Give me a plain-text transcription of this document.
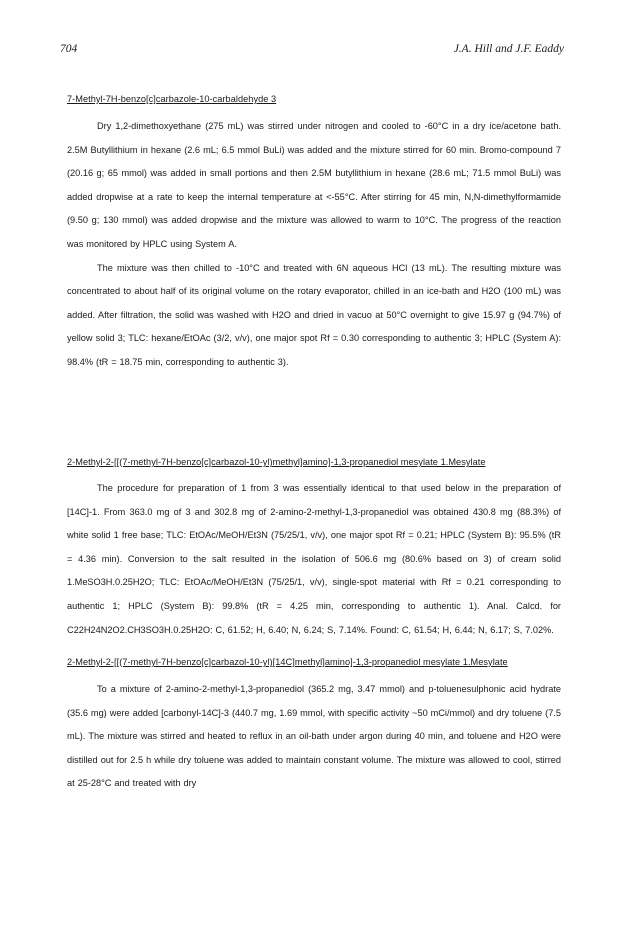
704	J.A. Hill and J.F. Eaddy
7-Methyl-7H-benzo[c]carbazole-10-carbaldehyde 3

Dry 1,2-dimethoxyethane (275 mL) was stirred under nitrogen and cooled to -60°C in a dry ice/acetone bath. 2.5M Butyllithium in hexane (2.6 mL; 6.5 mmol BuLi) was added and the mixture stirred for 60 min. Bromo-compound 7 (20.16 g; 65 mmol) was added in small portions and then 2.5M butyllithium in hexane (28.6 mL; 71.5 mmol BuLi) was added dropwise at a rate to keep the internal temperature at <-55°C. After stirring for 45 min, N,N-dimethylformamide (9.50 g; 130 mmol) was added dropwise and the mixture was allowed to warm to 10°C. The progress of the reaction was monitored by HPLC using System A.

The mixture was then chilled to -10°C and treated with 6N aqueous HCl (13 mL). The resulting mixture was concentrated to about half of its original volume on the rotary evaporator, chilled in an ice-bath and H2O (100 mL) was added. After filtration, the solid was washed with H2O and dried in vacuo at 50°C overnight to give 15.97 g (94.7%) of yellow solid 3; TLC: hexane/EtOAc (3/2, v/v), one major spot Rf = 0.30 corresponding to authentic 3; HPLC (System A): 98.4% (tR = 18.75 min, corresponding to authentic 3).

2-Methyl-2-[[(7-methyl-7H-benzo[c]carbazol-10-yl)methyl]amino]-1,3-propanediol mesylate 1.Mesylate

The procedure for preparation of 1 from 3 was essentially identical to that used below in the preparation of [14C]-1. From 363.0 mg of 3 and 302.8 mg of 2-amino-2-methyl-1,3-propanediol was obtained 430.8 mg (88.3%) of white solid 1 free base; TLC: EtOAc/MeOH/Et3N (75/25/1, v/v), one major spot Rf = 0.21; HPLC (System B): 95.5% (tR = 4.36 min). Conversion to the salt resulted in the isolation of 506.6 mg (80.6% based on 3) of cream solid 1.MeSO3H.0.25H2O; TLC: EtOAc/MeOH/Et3N (75/25/1, v/v), single-spot material with Rf = 0.21 corresponding to authentic 1; HPLC (System B): 99.8% (tR = 4.25 min, corresponding to authentic 1). Anal. Calcd. for C22H24N2O2.CH3SO3H.0.25H2O: C, 61.52; H, 6.40; N, 6.24; S, 7.14%. Found: C, 61.54; H, 6.44; N, 6.17; S, 7.02%.

2-Methyl-2-[[(7-methyl-7H-benzo[c]carbazol-10-yl)[14C]methyl]amino]-1,3-propanediol mesylate 1.Mesylate

To a mixture of 2-amino-2-methyl-1,3-propanediol (365.2 mg, 3.47 mmol) and p-toluenesulphonic acid hydrate (35.6 mg) were added [carbonyl-14C]-3 (440.7 mg, 1.69 mmol, with specific activity ~50 mCi/mmol) and dry toluene (7.5 mL). The mixture was stirred and heated to reflux in an oil-bath under argon during 40 min, and toluene and H2O were distilled out for 2.5 h while dry toluene was added to maintain constant volume. The mixture was allowed to cool, stirred at 25-28°C and treated with dry
